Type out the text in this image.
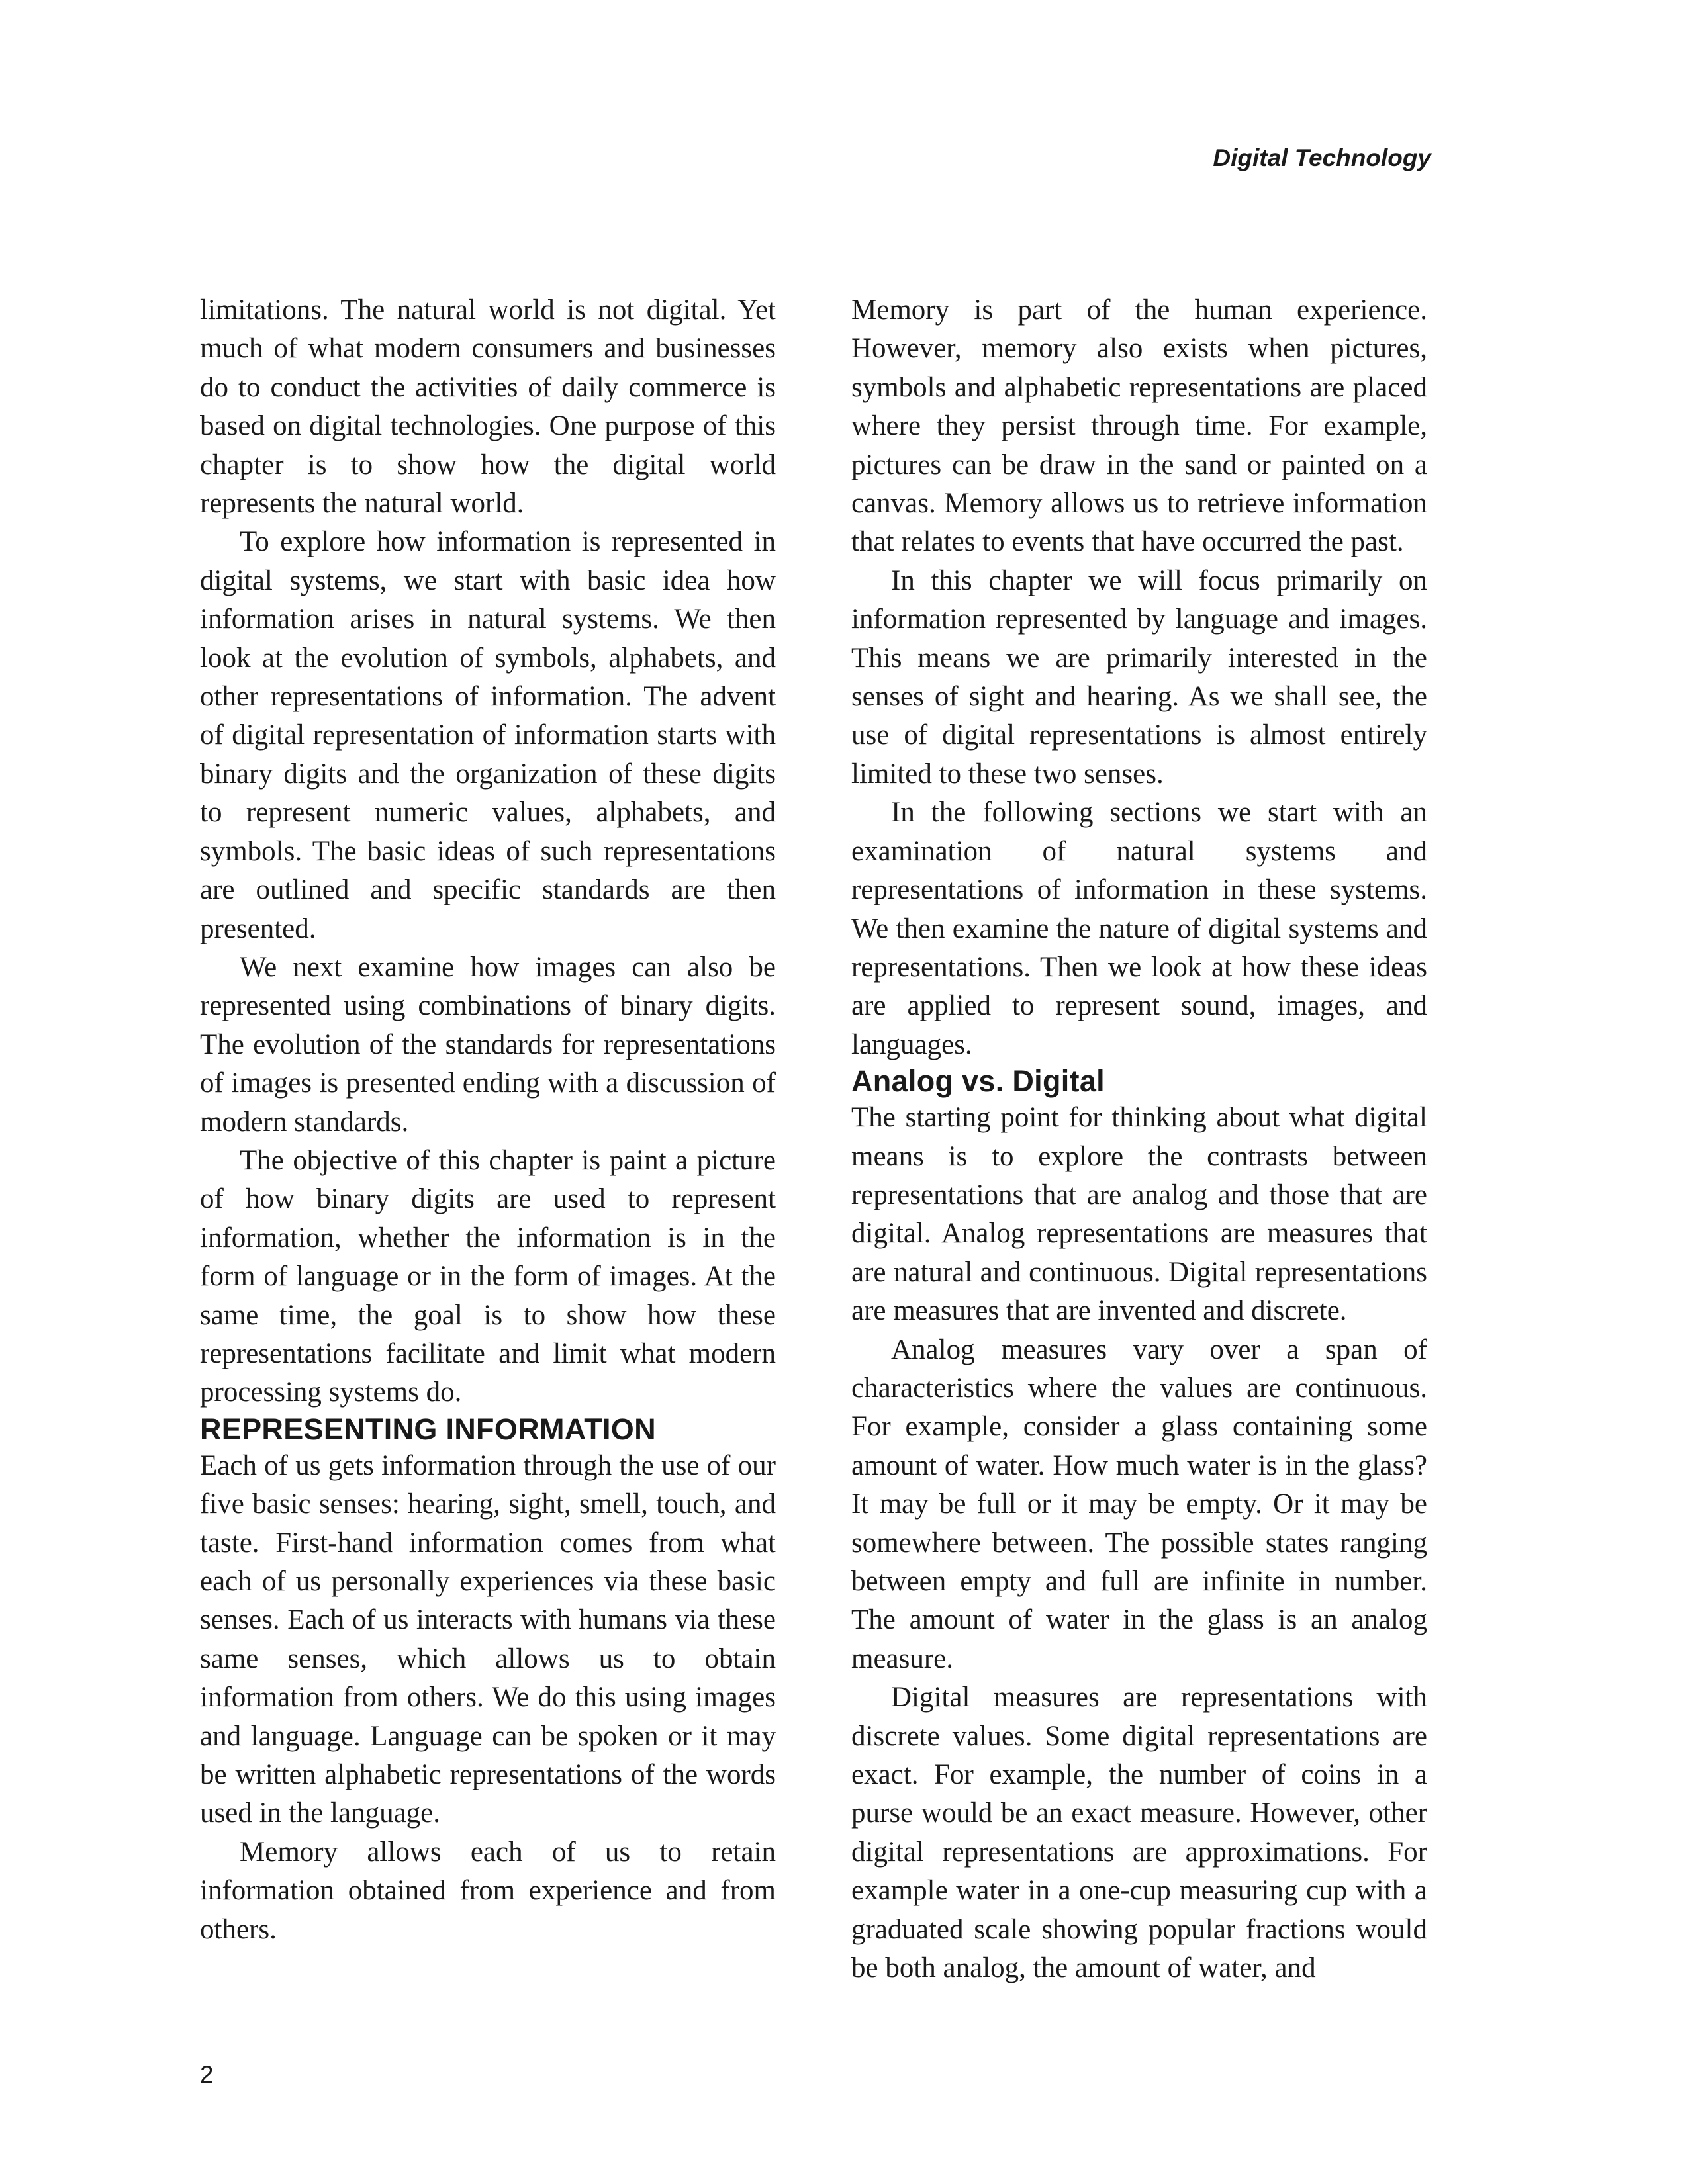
Digital Technology

limitations. The natural world is not digital. Yet much of what modern consumers and businesses do to conduct the activities of daily commerce is based on digital technologies. One purpose of this chapter is to show how the digital world represents the natural world.

To explore how information is represented in digital systems, we start with basic idea how information arises in natural systems. We then look at the evolution of symbols, alphabets, and other representations of information. The advent of digital representation of information starts with binary digits and the organization of these digits to represent numeric values, alphabets, and symbols. The basic ideas of such representations are outlined and specific standards are then presented.

We next examine how images can also be represented using combinations of binary digits. The evolution of the standards for representations of images is presented ending with a discussion of modern standards.

The objective of this chapter is paint a picture of how binary digits are used to represent information, whether the information is in the form of language or in the form of images. At the same time, the goal is to show how these representations facilitate and limit what modern processing systems do.

REPRESENTING INFORMATION

Each of us gets information through the use of our five basic senses: hearing, sight, smell, touch, and taste. First-hand information comes from what each of us personally experiences via these basic senses. Each of us interacts with humans via these same senses, which allows us to obtain information from others. We do this using images and language. Language can be spoken or it may be written alphabetic representations of the words used in the language.

Memory allows each of us to retain information obtained from experience and from others.

Memory is part of the human experience. However, memory also exists when pictures, symbols and alphabetic representations are placed where they persist through time. For example, pictures can be draw in the sand or painted on a canvas. Memory allows us to retrieve information that relates to events that have occurred the past.

In this chapter we will focus primarily on information represented by language and images. This means we are primarily interested in the senses of sight and hearing. As we shall see, the use of digital representations is almost entirely limited to these two senses.

In the following sections we start with an examination of natural systems and representations of information in these systems. We then examine the nature of digital systems and representations. Then we look at how these ideas are applied to represent sound, images, and languages.

Analog vs. Digital

The starting point for thinking about what digital means is to explore the contrasts between representations that are analog and those that are digital. Analog representations are measures that are natural and continuous. Digital representations are measures that are invented and discrete.

Analog measures vary over a span of characteristics where the values are continuous. For example, consider a glass containing some amount of water. How much water is in the glass? It may be full or it may be empty. Or it may be somewhere between. The possible states ranging between empty and full are infinite in number. The amount of water in the glass is an analog measure.

Digital measures are representations with discrete values. Some digital representations are exact. For example, the number of coins in a purse would be an exact measure. However, other digital representations are approximations. For example water in a one-cup measuring cup with a graduated scale showing popular fractions would be both analog, the amount of water, and

2
